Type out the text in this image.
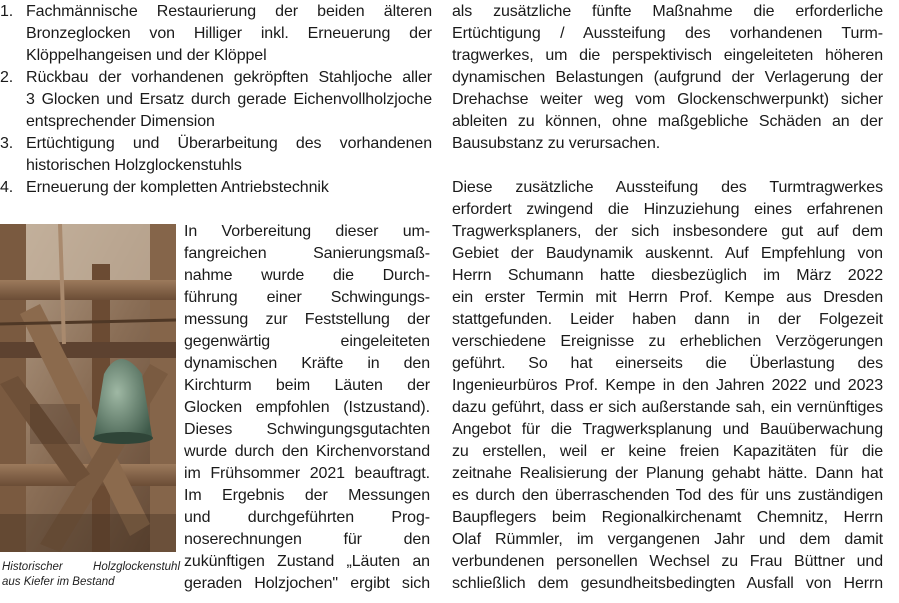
1. Fachmännische Restaurierung der beiden älteren
Bronzeglocken von Hilliger inkl. Erneuerung der
Klöppelhangeisen und der Klöppel
2. Rückbau der vorhandenen gekröpften Stahljoche aller
3 Glocken und Ersatz durch gerade Eichenvollholzjoche
entsprechender Dimension
3. Ertüchtigung und Überarbeitung des vorhandenen
historischen Holzglockenstuhls
4. Erneuerung der kompletten Antriebstechnik
Historischer Holzglockenstuhl
aus Kiefer im Bestand
In Vorbereitung dieser um-
fangreichen Sanierungsmaß-
nahme wurde die Durch-
führung einer Schwingungs-
messung zur Feststellung der
gegenwärtig eingeleiteten
dynamischen Kräfte in den
Kirchturm beim Läuten der
Glocken empfohlen (Istzustand).
Dieses Schwingungsgutachten
wurde durch den Kirchenvorstand
im Frühsommer 2021 beauftragt.
Im Ergebnis der Messungen
und durchgeführten Prog-
noserechnungen für den
zukünftigen Zustand „Läuten an
geraden Holzjochen" ergibt sich
als zusätzliche fünfte Maßnahme die erforderliche
Ertüchtigung / Aussteifung des vorhandenen Turm-
tragwerkes, um die perspektivisch eingeleiteten höheren
dynamischen Belastungen (aufgrund der Verlagerung der
Drehachse weiter weg vom Glockenschwerpunkt) sicher
ableiten zu können, ohne maßgebliche Schäden an der
Bausubstanz zu verursachen.
Diese zusätzliche Aussteifung des Turmtragwerkes
erfordert zwingend die Hinzuziehung eines erfahrenen
Tragwerksplaners, der sich insbesondere gut auf dem
Gebiet der Baudynamik auskennt. Auf Empfehlung von
Herrn Schumann hatte diesbezüglich im März 2022
ein erster Termin mit Herrn Prof. Kempe aus Dresden
stattgefunden. Leider haben dann in der Folgezeit
verschiedene Ereignisse zu erheblichen Verzögerungen
geführt. So hat einerseits die Überlastung des
Ingenieurbüros Prof. Kempe in den Jahren 2022 und 2023
dazu geführt, dass er sich außerstande sah, ein vernünftiges
Angebot für die Tragwerksplanung und Bauüberwachung
zu erstellen, weil er keine freien Kapazitäten für die
zeitnahe Realisierung der Planung gehabt hätte. Dann hat
es durch den überraschenden Tod des für uns zuständigen
Baupflegers beim Regionalkirchenamt Chemnitz, Herrn
Olaf Rümmler, im vergangenen Jahr und dem damit
verbundenen personellen Wechsel zu Frau Büttner und
schließlich dem gesundheitsbedingten Ausfall von Herrn
